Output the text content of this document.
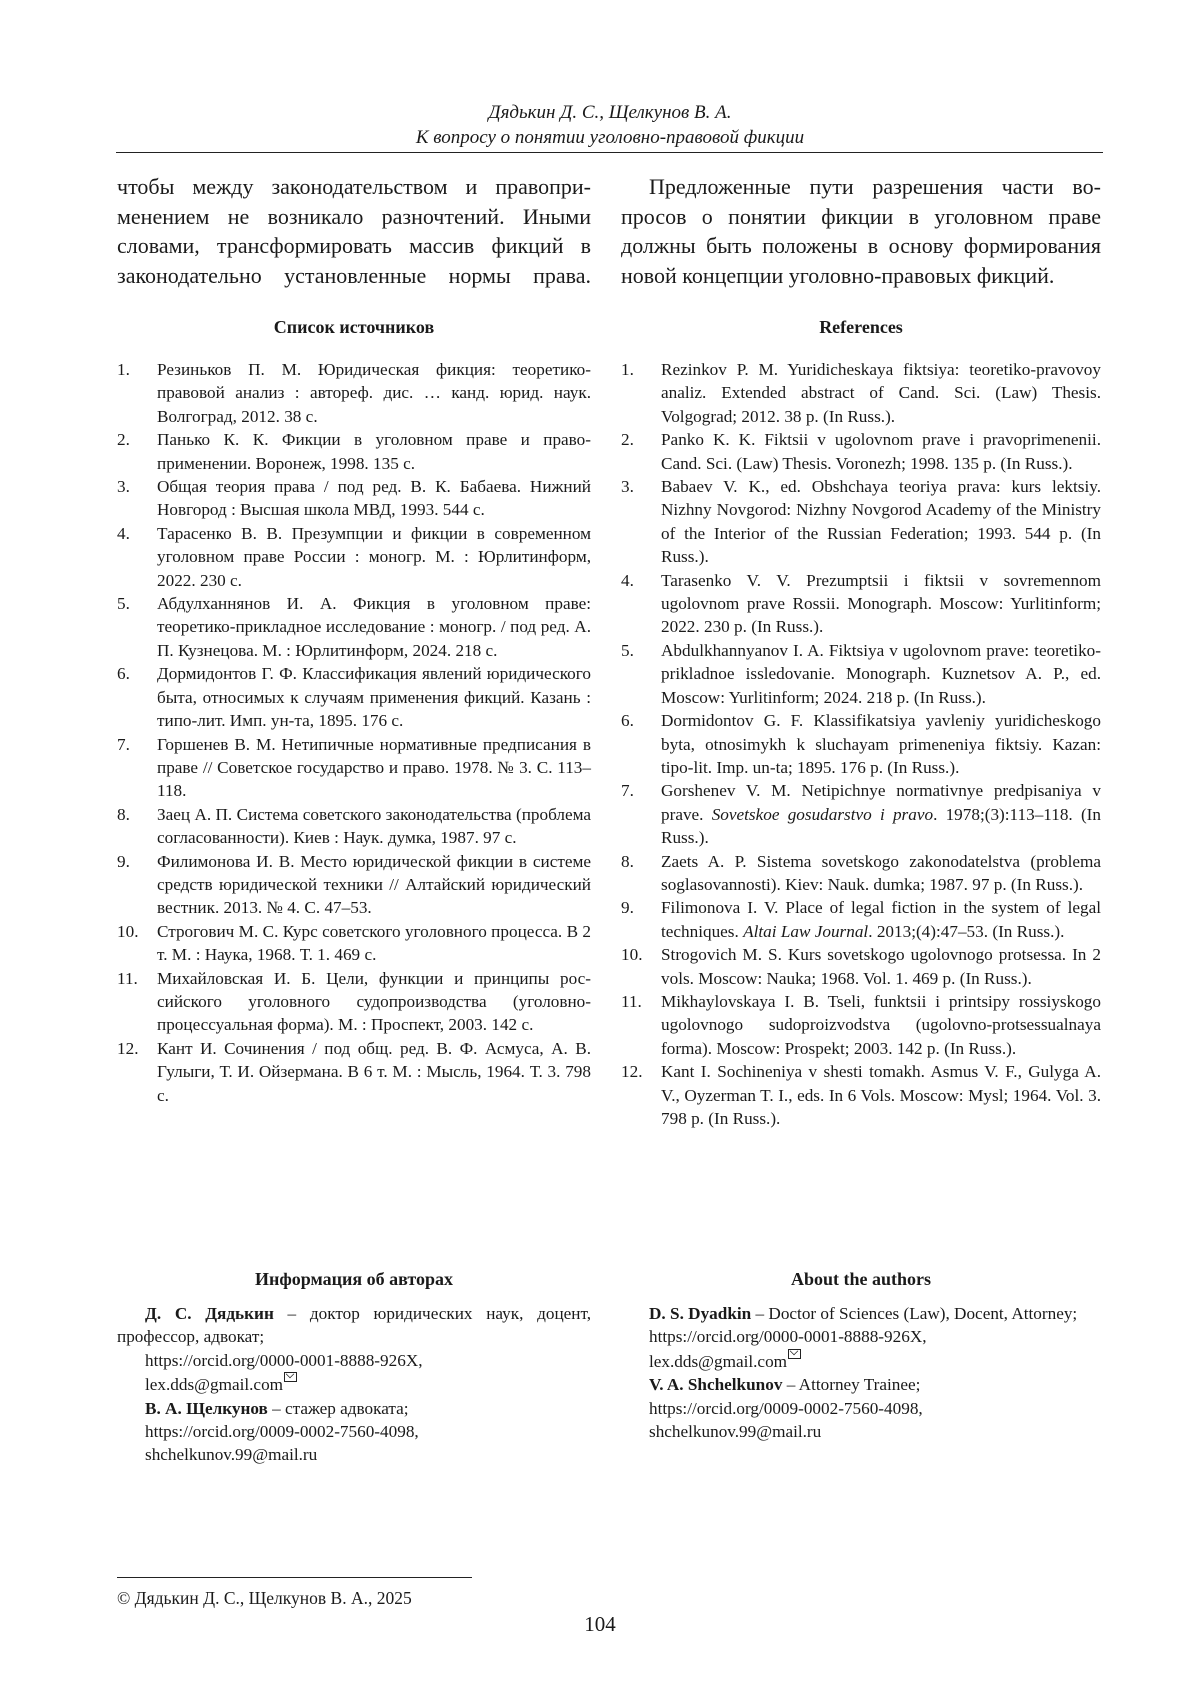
Дядькин Д. С., Щелкунов В. А.
К вопросу о понятии уголовно-правовой фикции

чтобы между законодательством и правопри­менением не возникало разночтений. Иными словами, трансформировать массив фикций в законодательно установленные нормы права.

Список источников

1. Резиньков П. М. Юридическая фикция: теоретико-правовой анализ : автореф. дис. … канд. юрид. наук. Волгоград, 2012. 38 с.
2. Панько К. К. Фикции в уголовном праве и право­применении. Воронеж, 1998. 135 с.
3. Общая теория права / под ред. В. К. Бабаева. Ниж­ний Новгород : Высшая школа МВД, 1993. 544 с.
4. Тарасенко В. В. Презумпции и фикции в совре­менном уголовном праве России : моногр. М. : Юрлитинформ, 2022. 230 с.
5. Абдулханнянов И. А. Фикция в уголовном праве: теоретико-прикладное исследование : моногр. / под ред. А. П. Кузнецова. М. : Юрлитинформ, 2024. 218 с.
6. Дормидонтов Г. Ф. Классификация явлений юри­дического быта, относимых к случаям применения фикций. Казань : типо-лит. Имп. ун-та, 1895. 176 с.
7. Горшенев В. М. Нетипичные нормативные пред­писания в праве // Советское государство и право. 1978. № 3. С. 113–118.
8. Заец А. П. Система советского законодательства (проблема согласованности). Киев : Наук. думка, 1987. 97 с.
9. Филимонова И. В. Место юридической фикции в системе средств юридической техники // Алтай­ский юридический вестник. 2013. № 4. С. 47–53.
10. Строгович М. С. Курс советского уголовного про­цесса. В 2 т. М. : Наука, 1968. Т. 1. 469 с.
11. Михайловская И. Б. Цели, функции и принципы рос­сийского уголовного судопроизводства (уголовно-процессуальная форма). М. : Проспект, 2003. 142 с.
12. Кант И. Сочинения / под общ. ред. В. Ф. Асмуса, А. В. Гулыги, Т. И. Ойзермана. В 6 т. М. : Мысль, 1964. Т. 3. 798 с.

Предложенные пути разрешения части во­просов о понятии фикции в уголовном праве должны быть положены в основу формирования новой концепции уголовно-правовых фикций.

References

1. Rezinkov P. M. Yuridicheskaya fiktsiya: teoretiko-pravovoy analiz. Extended abstract of Cand. Sci. (Law) Thesis. Volgograd; 2012. 38 p. (In Russ.).
2. Panko K. K. Fiktsii v ugolovnom prave i pravoprime­nenii. Cand. Sci. (Law) Thesis. Voronezh; 1998. 135 p. (In Russ.).
3. Babaev V. K., ed. Obshchaya teoriya prava: kurs le­ktsiy. Nizhny Novgorod: Nizhny Novgorod Academy of the Ministry of the Interior of the Russian Federa­tion; 1993. 544 p. (In Russ.).
4. Tarasenko V. V. Prezumptsii i fiktsii v sovremen­nom ugolovnom prave Rossii. Monograph. Moscow: Yurlitinform; 2022. 230 p. (In Russ.).
5. Abdulkhannyanov I. A. Fiktsiya v ugolovnom prave: teoretiko-prikladnoe issledovanie. Monograph. Kuz­netsov A. P., ed. Moscow: Yurlitinform; 2024. 218 p. (In Russ.).
6. Dormidontov G. F. Klassifikatsiya yavleniy yuridiches­kogo byta, otnosimykh k sluchayam primeneniya fiktsiy. Kazan: tipo-lit. Imp. un-ta; 1895. 176 p. (In Russ.).
7. Gorshenev V. M. Netipichnye normativnye pred­pisaniya v prave. Sovetskoe gosudarstvo i pravo. 1978;(3):113–118. (In Russ.).
8. Zaets A. P. Sistema sovetskogo zakonodatelstva (problema soglasovannosti). Kiev: Nauk. dumka; 1987. 97 p. (In Russ.).
9. Filimonova I. V. Place of legal fiction in the system of legal techniques. Altai Law Journal. 2013;(4):47–53. (In Russ.).
10. Strogovich M. S. Kurs sovetskogo ugolovnogo protses­sa. In 2 vols. Moscow: Nauka; 1968. Vol. 1. 469 p. (In Russ.).
11. Mikhaylovskaya I. B. Tseli, funktsii i printsipy ros­siyskogo ugolovnogo sudoproizvodstva (ugolovno-protsessualnaya forma). Moscow: Prospekt; 2003. 142 p. (In Russ.).
12. Kant I. Sochineniya v shesti tomakh. Asmus V. F., Gulyga A. V., Oyzerman T. I., eds. In 6 Vols. Moscow: Mysl; 1964. Vol. 3. 798 p. (In Russ.).

Информация об авторах

Д. С. Дядькин – доктор юридических наук, доцент, профессор, адвокат;

https://orcid.org/0000-0001-8888-926X,

lex.dds@gmail.com

В. А. Щелкунов – стажер адвоката;

https://orcid.org/0009-0002-7560-4098,

shchelkunov.99@mail.ru

About the authors

D. S. Dyadkin – Doctor of Sciences (Law), Docent, Attorney;

https://orcid.org/0000-0001-8888-926X,

lex.dds@gmail.com

V. A. Shchelkunov – Attorney Trainee;

https://orcid.org/0009-0002-7560-4098,

shchelkunov.99@mail.ru

© Дядькин Д. С., Щелкунов В. А., 2025
104
